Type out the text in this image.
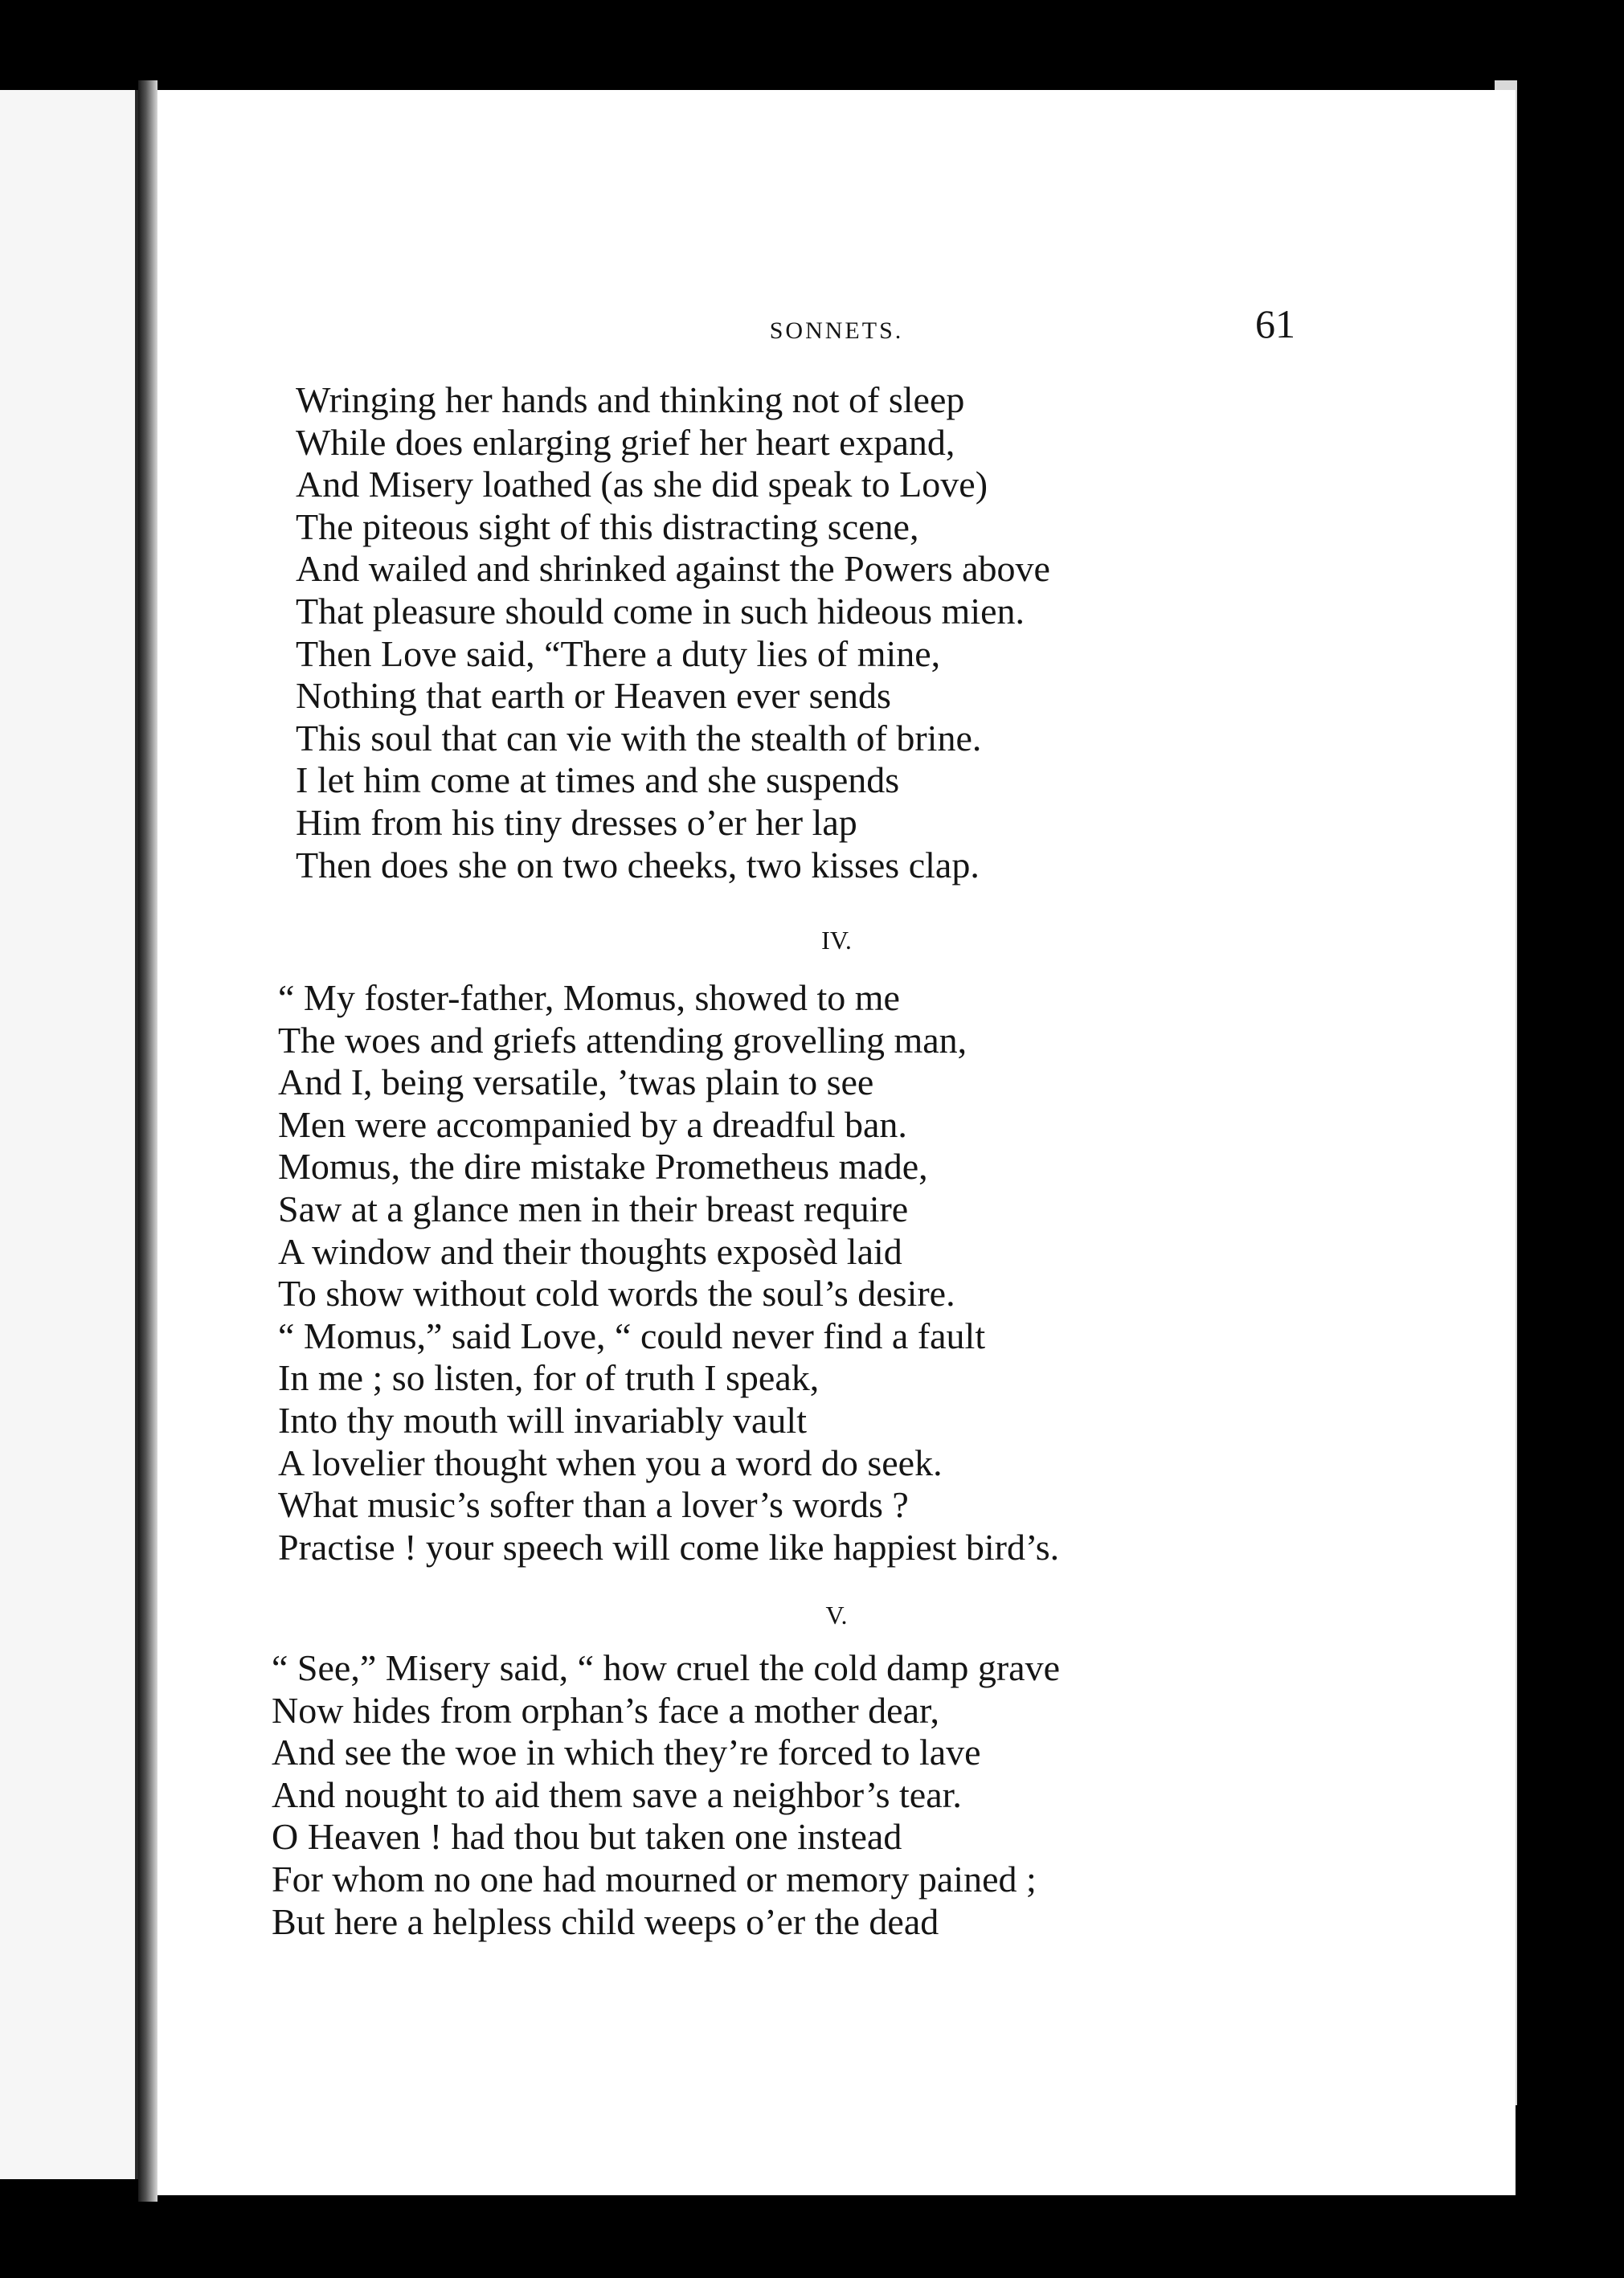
SONNETS.	61
Wringing her hands and thinking not of sleep
While does enlarging grief her heart expand,
And Misery loathed (as she did speak to Love)
The piteous sight of this distracting scene,
And wailed and shrinked against the Powers above
That pleasure should come in such hideous mien.
Then Love said, “There a duty lies of mine,
Nothing that earth or Heaven ever sends
This soul that can vie with the stealth of brine.
I let him come at times and she suspends
Him from his tiny dresses o’er her lap
Then does she on two cheeks, two kisses clap.
IV.
“ My foster-father, Momus, showed to me
The woes and griefs attending grovelling man,
And I, being versatile, ’twas plain to see
Men were accompanied by a dreadful ban.
Momus, the dire mistake Prometheus made,
Saw at a glance men in their breast require
A window and their thoughts exposèd laid
To show without cold words the soul’s desire.
“ Momus,” said Love, “ could never find a fault
In me ; so listen, for of truth I speak,
Into thy mouth will invariably vault
A lovelier thought when you a word do seek.
What music’s softer than a lover’s words ?
Practise ! your speech will come like happiest bird’s.
V.
“ See,” Misery said, “ how cruel the cold damp grave
Now hides from orphan’s face a mother dear,
And see the woe in which they’re forced to lave
And nought to aid them save a neighbor’s tear.
O Heaven ! had thou but taken one instead
For whom no one had mourned or memory pained ;
But here a helpless child weeps o’er the dead
